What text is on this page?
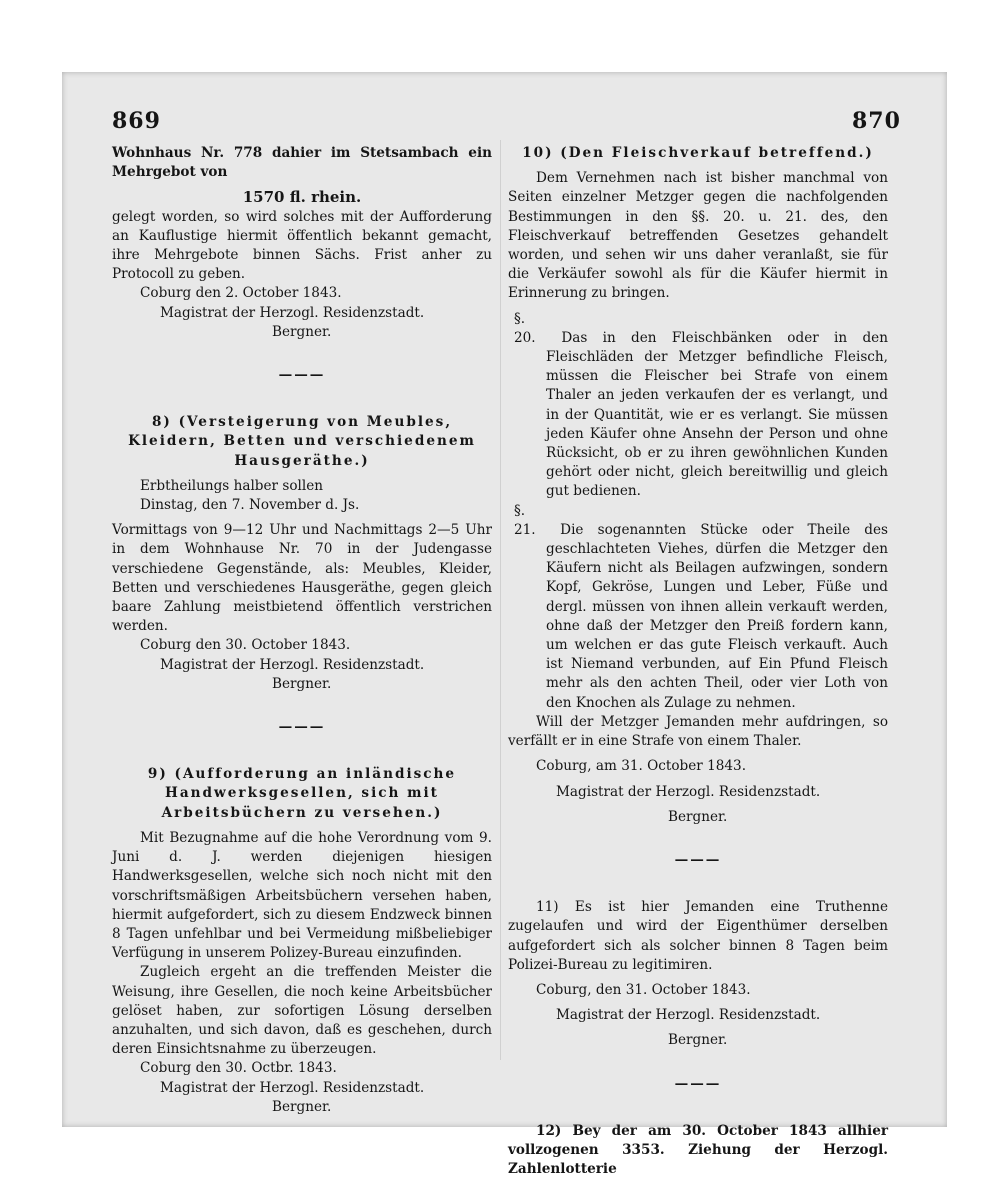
869	870

Wohnhaus Nr. 778 dahier im Stetsambach ein Mehrgebot von

1570 fl. rhein.

gelegt worden, so wird solches mit der Aufforderung an Kauflustige hiermit öffentlich bekannt gemacht, ihre Mehrgebote binnen Sächs. Frist anher zu Protocoll zu geben.

Coburg den 2. October 1843.

Magistrat der Herzogl. Residenzstadt.

Bergner.

———

8) (Versteigerung von Meubles, Kleidern, Betten und verschiedenem Hausgeräthe.)

Erbtheilungs halber sollen

Dinstag, den 7. November d. Js.

Vormittags von 9—12 Uhr und Nachmittags 2—5 Uhr in dem Wohnhause Nr. 70 in der Judengasse verschiedene Gegenstände, als: Meubles, Kleider, Betten und verschiedenes Hausgeräthe, gegen gleich baare Zahlung meistbietend öffentlich verstrichen werden.

Coburg den 30. October 1843.

Magistrat der Herzogl. Residenzstadt.

Bergner.

———

9) (Aufforderung an inländische Handwerksgesellen, sich mit Arbeitsbüchern zu versehen.)

Mit Bezugnahme auf die hohe Verordnung vom 9. Juni d. J. werden diejenigen hiesigen Handwerksgesellen, welche sich noch nicht mit den vorschriftsmäßigen Arbeitsbüchern versehen haben, hiermit aufgefordert, sich zu diesem Endzweck binnen 8 Tagen unfehlbar und bei Vermeidung mißbeliebiger Verfügung in unserem Polizey-Bureau einzufinden.

Zugleich ergeht an die treffenden Meister die Weisung, ihre Gesellen, die noch keine Arbeitsbücher gelöset haben, zur sofortigen Lösung derselben anzuhalten, und sich davon, daß es geschehen, durch deren Einsichtsnahme zu überzeugen.

Coburg den 30. Octbr. 1843.

Magistrat der Herzogl. Residenzstadt.

Bergner.

10) (Den Fleischverkauf betreffend.)

Dem Vernehmen nach ist bisher manchmal von Seiten einzelner Metzger gegen die nachfolgenden Bestimmungen in den §§. 20. u. 21. des, den Fleischverkauf betreffenden Gesetzes gehandelt worden, und sehen wir uns daher veranlaßt, sie für die Verkäufer sowohl als für die Käufer hiermit in Erinnerung zu bringen.

§. 20. Das in den Fleischbänken oder in den Fleischläden der Metzger befindliche Fleisch, müssen die Fleischer bei Strafe von einem Thaler an jeden verkaufen der es verlangt, und in der Quantität, wie er es verlangt. Sie müssen jeden Käufer ohne Ansehn der Person und ohne Rücksicht, ob er zu ihren gewöhnlichen Kunden gehört oder nicht, gleich bereitwillig und gleich gut bedienen.

§. 21. Die sogenannten Stücke oder Theile des geschlachteten Viehes, dürfen die Metzger den Käufern nicht als Beilagen aufzwingen, sondern Kopf, Gekröse, Lungen und Leber, Füße und dergl. müssen von ihnen allein verkauft werden, ohne daß der Metzger den Preiß fordern kann, um welchen er das gute Fleisch verkauft. Auch ist Niemand verbunden, auf Ein Pfund Fleisch mehr als den achten Theil, oder vier Loth von den Knochen als Zulage zu nehmen.

Will der Metzger Jemanden mehr aufdringen, so verfällt er in eine Strafe von einem Thaler.

Coburg, am 31. October 1843.

Magistrat der Herzogl. Residenzstadt.

Bergner.

———

11) Es ist hier Jemanden eine Truthenne zugelaufen und wird der Eigenthümer derselben aufgefordert sich als solcher binnen 8 Tagen beim Polizei-Bureau zu legitimiren.

Coburg, den 31. October 1843.

Magistrat der Herzogl. Residenzstadt.

Bergner.

———

12) Bey der am 30. October 1843 allhier vollzogenen 3353. Ziehung der Herzogl. Zahlenlotterie
